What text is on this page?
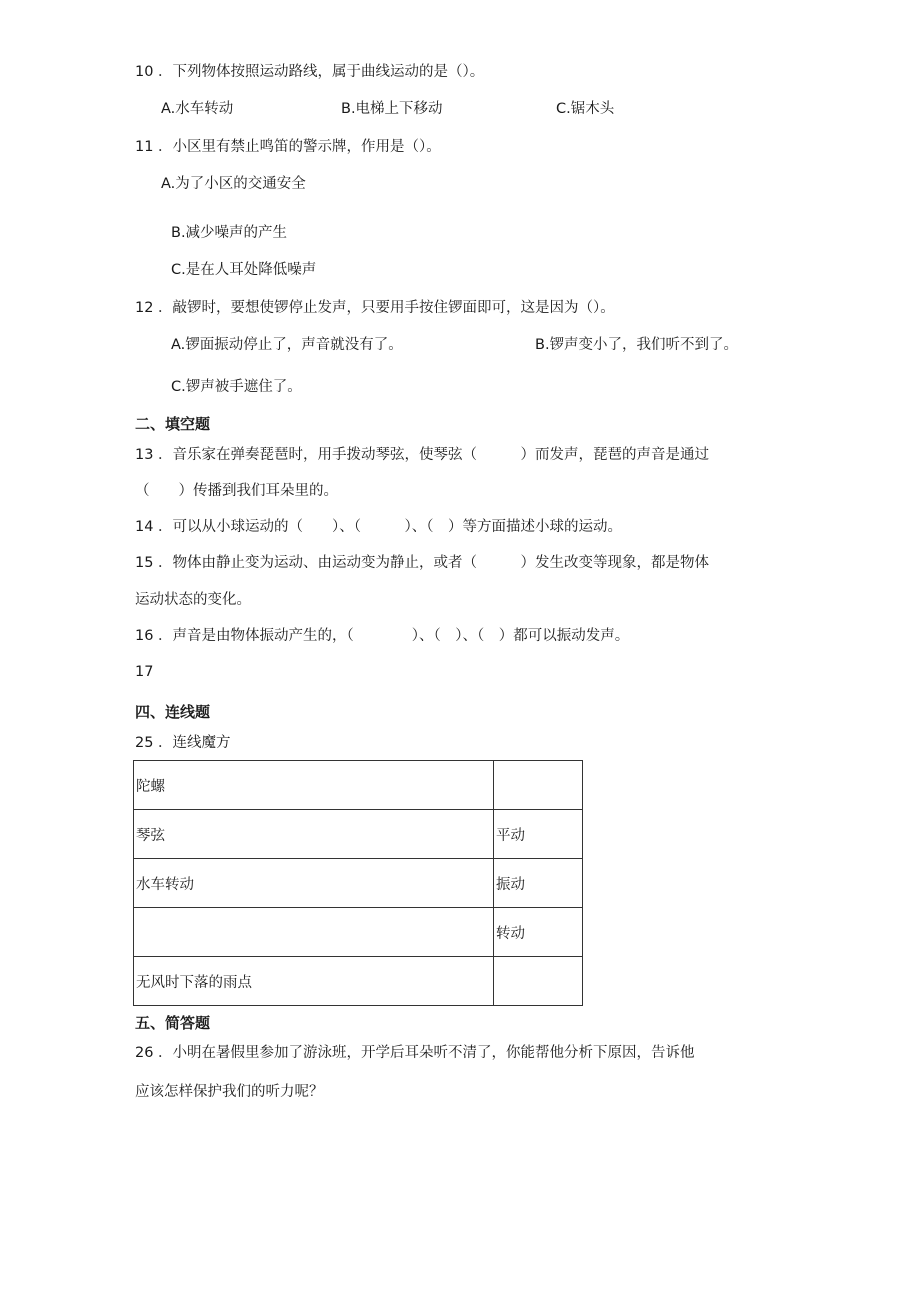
10 ．下列物体按照运动路线，属于曲线运动的是（）。
A.水车转动	B.电梯上下移动	C.锯木头
11 ．小区里有禁止鸣笛的警示牌，作用是（）。
A.为了小区的交通安全
B.减少噪声的产生
C.是在人耳处降低噪声
12 ．敲锣时，要想使锣停止发声，只要用手按住锣面即可，这是因为（）。
A.锣面振动停止了，声音就没有了。	B.锣声变小了，我们听不到了。
C.锣声被手遮住了。
二、填空题
13 ．音乐家在弹奏琵琶时，用手拨动琴弦，使琴弦（　　　）而发声，琵琶的声音是通过
（　　）传播到我们耳朵里的。
14 ．可以从小球运动的（　　）、（　　　）、（　）等方面描述小球的运动。
15 ．物体由静止变为运动、由运动变为静止，或者（　　　）发生改变等现象，都是物体
运动状态的变化。
16 ．声音是由物体振动产生的，（　　　　）、（　）、（　）都可以振动发声。
17
四、连线题
25 ．连线魔方
陀螺	
琴弦	平动
水车转动	振动
	转动
无风时下落的雨点	
五、简答题
26 ．小明在暑假里参加了游泳班，开学后耳朵听不清了，你能帮他分析下原因，告诉他
应该怎样保护我们的听力呢？
